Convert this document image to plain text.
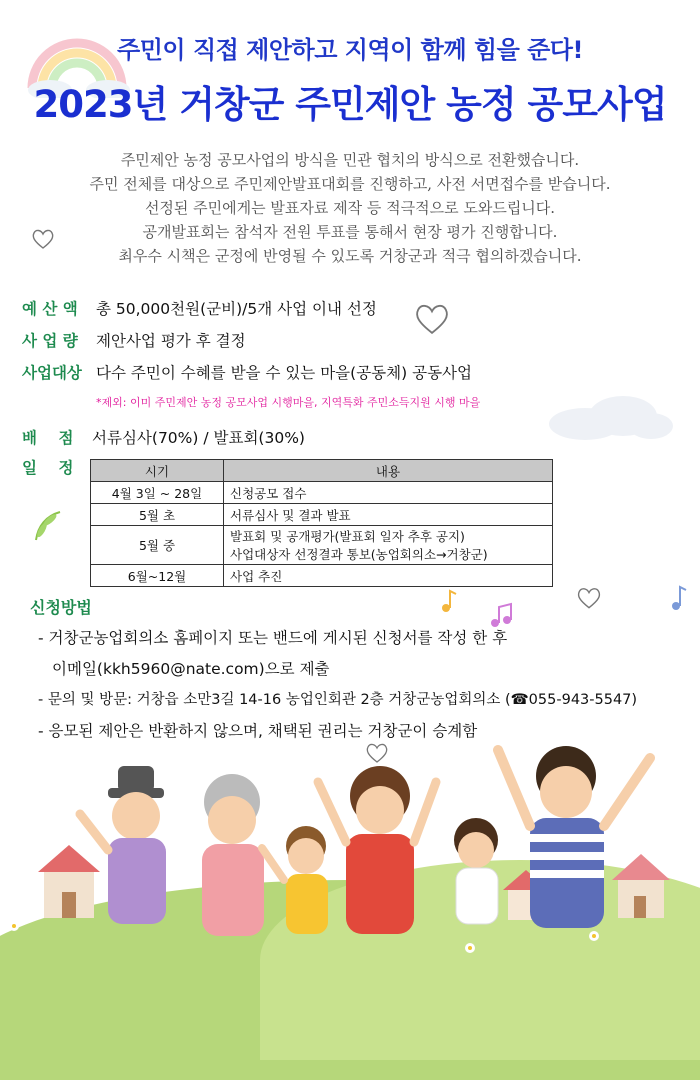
주민이 직접 제안하고 지역이 함께 힘을 준다!
2023년 거창군 주민제안 농정 공모사업
주민제안 농정 공모사업의 방식을 민관 협치의 방식으로 전환했습니다.
주민 전체를 대상으로 주민제안발표대회를 진행하고, 사전 서면접수를 받습니다.
선정된 주민에게는 발표자료 제작 등 적극적으로 도와드립니다.
공개발표회는 참석자 전원 투표를 통해서 현장 평가 진행합니다.
최우수 시책은 군정에 반영될 수 있도록 거창군과 적극 협의하겠습니다.
예 산 액 총 50,000천원(군비)/5개 사업 이내 선정
사 업 량 제안사업 평가 후 결정
사업대상 다수 주민이 수혜를 받을 수 있는 마을(공동체) 공동사업
*제외: 이미 주민제안 농정 공모사업 시행마을, 지역특화 주민소득지원 시행 마을
배    점 서류심사(70%) / 발표회(30%)
일    정	시기	내용
4월 3일 ~ 28일	신청공모 접수
5월 초	서류심사 및 결과 발표
5월 중	발표회 및 공개평가(발표회 일자 추후 공지)
사업대상자 선정결과 통보(농업회의소→거창군)

6월~12월	사업 추진
신청방법
- 거창군농업회의소 홈페이지 또는 밴드에 게시된 신청서를 작성 한 후
이메일(kkh5960@nate.com)으로 제출
- 문의 및 방문: 거창읍 소만3길 14-16 농업인회관 2층 거창군농업회의소 (☎055-943-5547)
- 응모된 제안은 반환하지 않으며, 채택된 권리는 거창군이 승계함
